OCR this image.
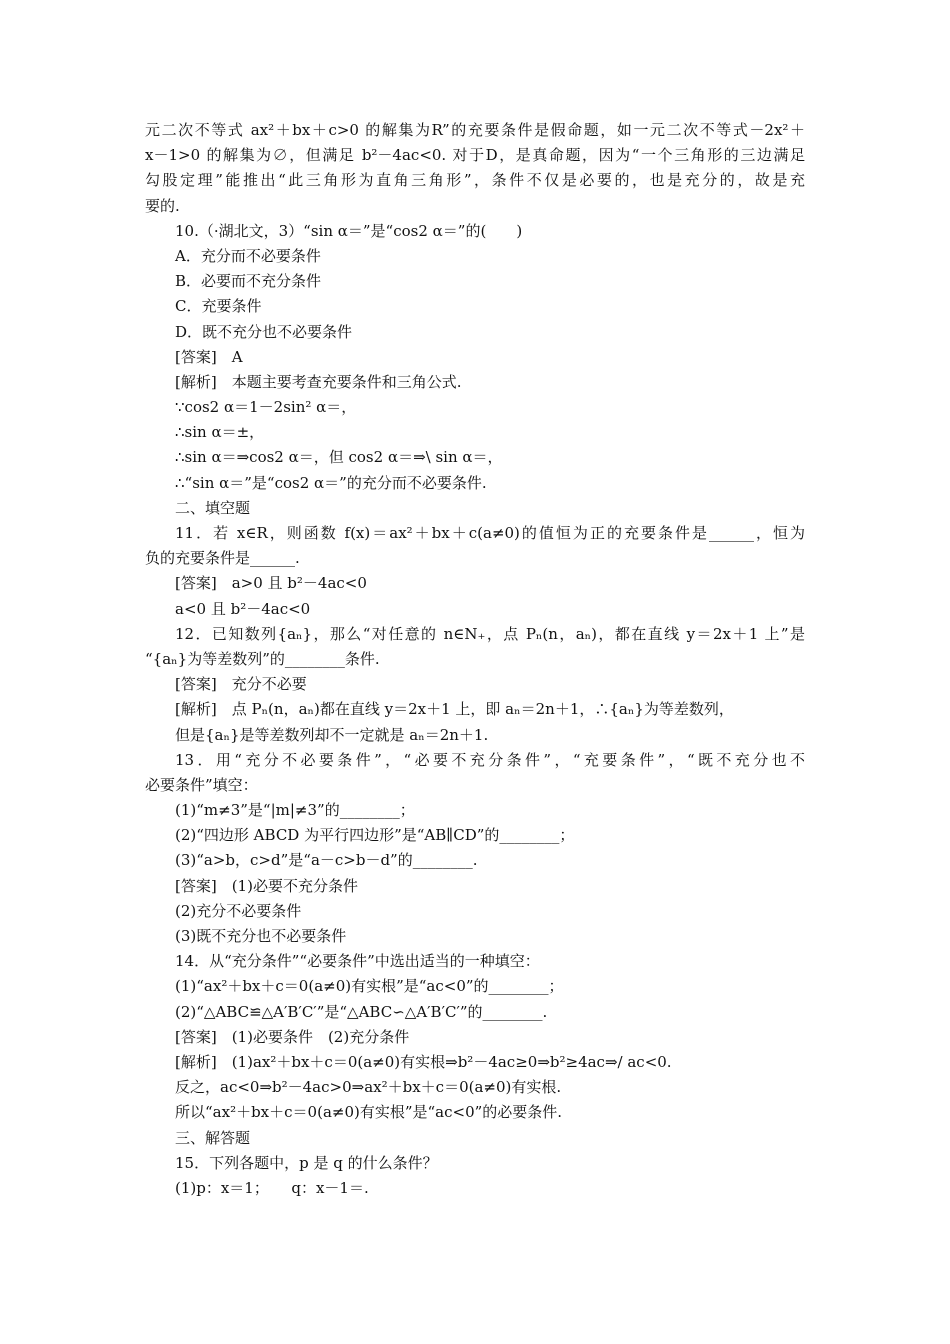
元二次不等式 ax²＋bx＋c>0 的解集为R”的充要条件是假命题，如一元二次不等式－2x²＋
x－1>0 的解集为∅，但满足 b²－4ac<0. 对于D，是真命题，因为“一个三角形的三边满足
勾股定理”能推出“此三角形为直角三角形”，条件不仅是必要的，也是充分的，故是充
要的.
10.（·湖北文，3）“sin α＝”是“cos2 α＝”的(　　)
A．充分而不必要条件
B．必要而不充分条件
C．充要条件
D．既不充分也不必要条件
[答案]　A
[解析]　本题主要考查充要条件和三角公式.
∵cos2 α＝1－2sin² α＝，
∴sin α＝±，
∴sin α＝⇒cos2 α＝，但 cos2 α＝⇒\ sin α＝，
∴“sin α＝”是“cos2 α＝”的充分而不必要条件.
二、填空题
11．若 x∈R，则函数 f(x)＝ax²＋bx＋c(a≠0)的值恒为正的充要条件是______，恒为
负的充要条件是______.
[答案]　a>0 且 b²－4ac<0
a<0 且 b²－4ac<0
12．已知数列{aₙ}，那么“对任意的 n∈N₊，点 Pₙ(n，aₙ)，都在直线 y＝2x＋1 上”是
“{aₙ}为等差数列”的________条件.
[答案]　充分不必要
[解析]　点 Pₙ(n，aₙ)都在直线 y＝2x＋1 上，即 aₙ＝2n＋1，∴{aₙ}为等差数列，
但是{aₙ}是等差数列却不一定就是 aₙ＝2n＋1.
13．用“充分不必要条件”，“必要不充分条件”，“充要条件”，“既不充分也不
必要条件”填空：
(1)“m≠3”是“|m|≠3”的________；
(2)“四边形 ABCD 为平行四边形”是“AB∥CD”的________；
(3)“a>b，c>d”是“a－c>b－d”的________.
[答案]　(1)必要不充分条件
(2)充分不必要条件
(3)既不充分也不必要条件
14．从“充分条件”“必要条件”中选出适当的一种填空：
(1)“ax²＋bx＋c＝0(a≠0)有实根”是“ac<0”的________；
(2)“△ABC≌△A′B′C′”是“△ABC∽△A′B′C′”的________.
[答案]　(1)必要条件　(2)充分条件
[解析]　(1)ax²＋bx＋c＝0(a≠0)有实根⇒b²－4ac≥0⇒b²≥4ac⇒/ ac<0.
反之，ac<0⇒b²－4ac>0⇒ax²＋bx＋c＝0(a≠0)有实根.
所以“ax²＋bx＋c＝0(a≠0)有实根”是“ac<0”的必要条件.
三、解答题
15．下列各题中，p 是 q 的什么条件？
(1)p：x＝1；　　q：x－1＝.
